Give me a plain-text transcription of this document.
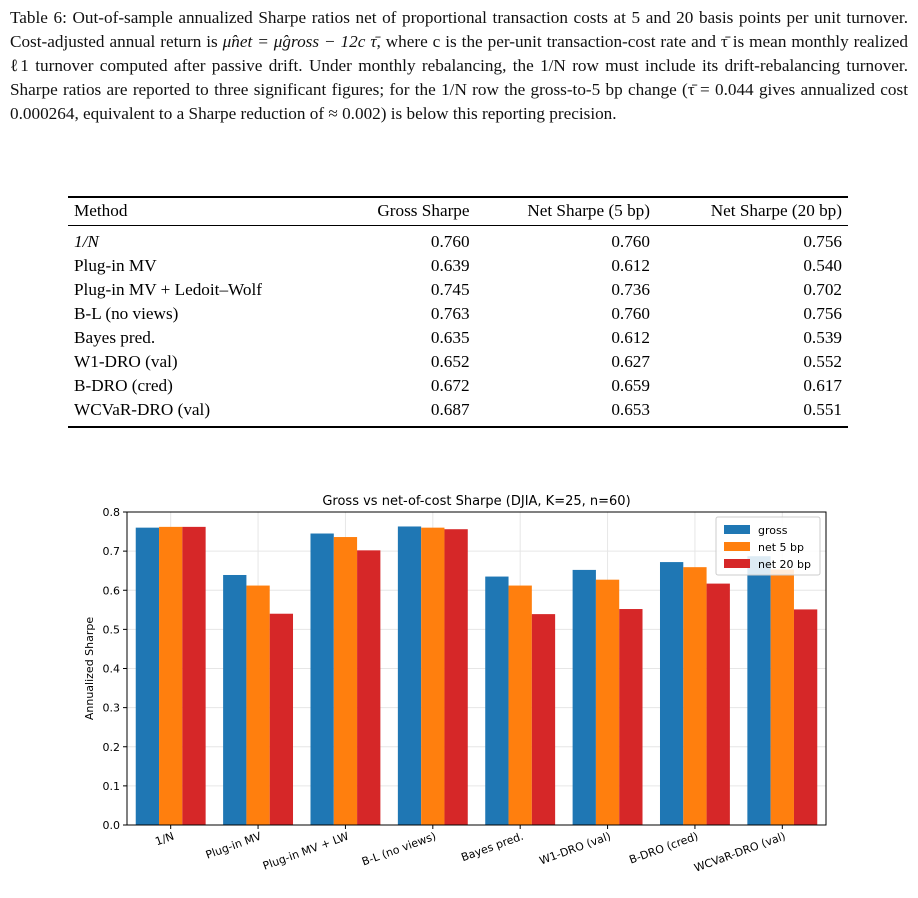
Table 6: Out-of-sample annualized Sharpe ratios net of proportional transaction costs at 5 and 20 basis points per unit turnover. Cost-adjusted annual return is μ̂net = μ̂gross − 12c τ̄, where c is the per-unit transaction-cost rate and τ̄ is mean monthly realized ℓ1 turnover computed after passive drift. Under monthly rebalancing, the 1/N row must include its drift-rebalancing turnover. Sharpe ratios are reported to three significant figures; for the 1/N row the gross-to-5 bp change (τ̄ = 0.044 gives annualized cost 0.000264, equivalent to a Sharpe reduction of ≈ 0.002) is below this reporting precision.
Method	Gross Sharpe	Net Sharpe (5 bp)	Net Sharpe (20 bp)
1/N	0.760	0.760	0.756
Plug-in MV	0.639	0.612	0.540
Plug-in MV + Ledoit–Wolf	0.745	0.736	0.702
B-L (no views)	0.763	0.760	0.756
Bayes pred.	0.635	0.612	0.539
W1-DRO (val)	0.652	0.627	0.552
B-DRO (cred)	0.672	0.659	0.617
WCVaR-DRO (val)	0.687	0.653	0.551
0.0
0.1
0.2
0.3
0.4
0.5
0.6
0.7
0.8
1/N	Plug-in MV
Plug-in MV + LW B-L (no views) Bayes pred. W1-DRO (val) B-DRO (cred)
WCVaR-DRO (val)
Gross vs net-of-cost Sharpe (DJIA, K=25, n=60)
Annualized Sharpe
gross
net 5 bp
net 20 bp
